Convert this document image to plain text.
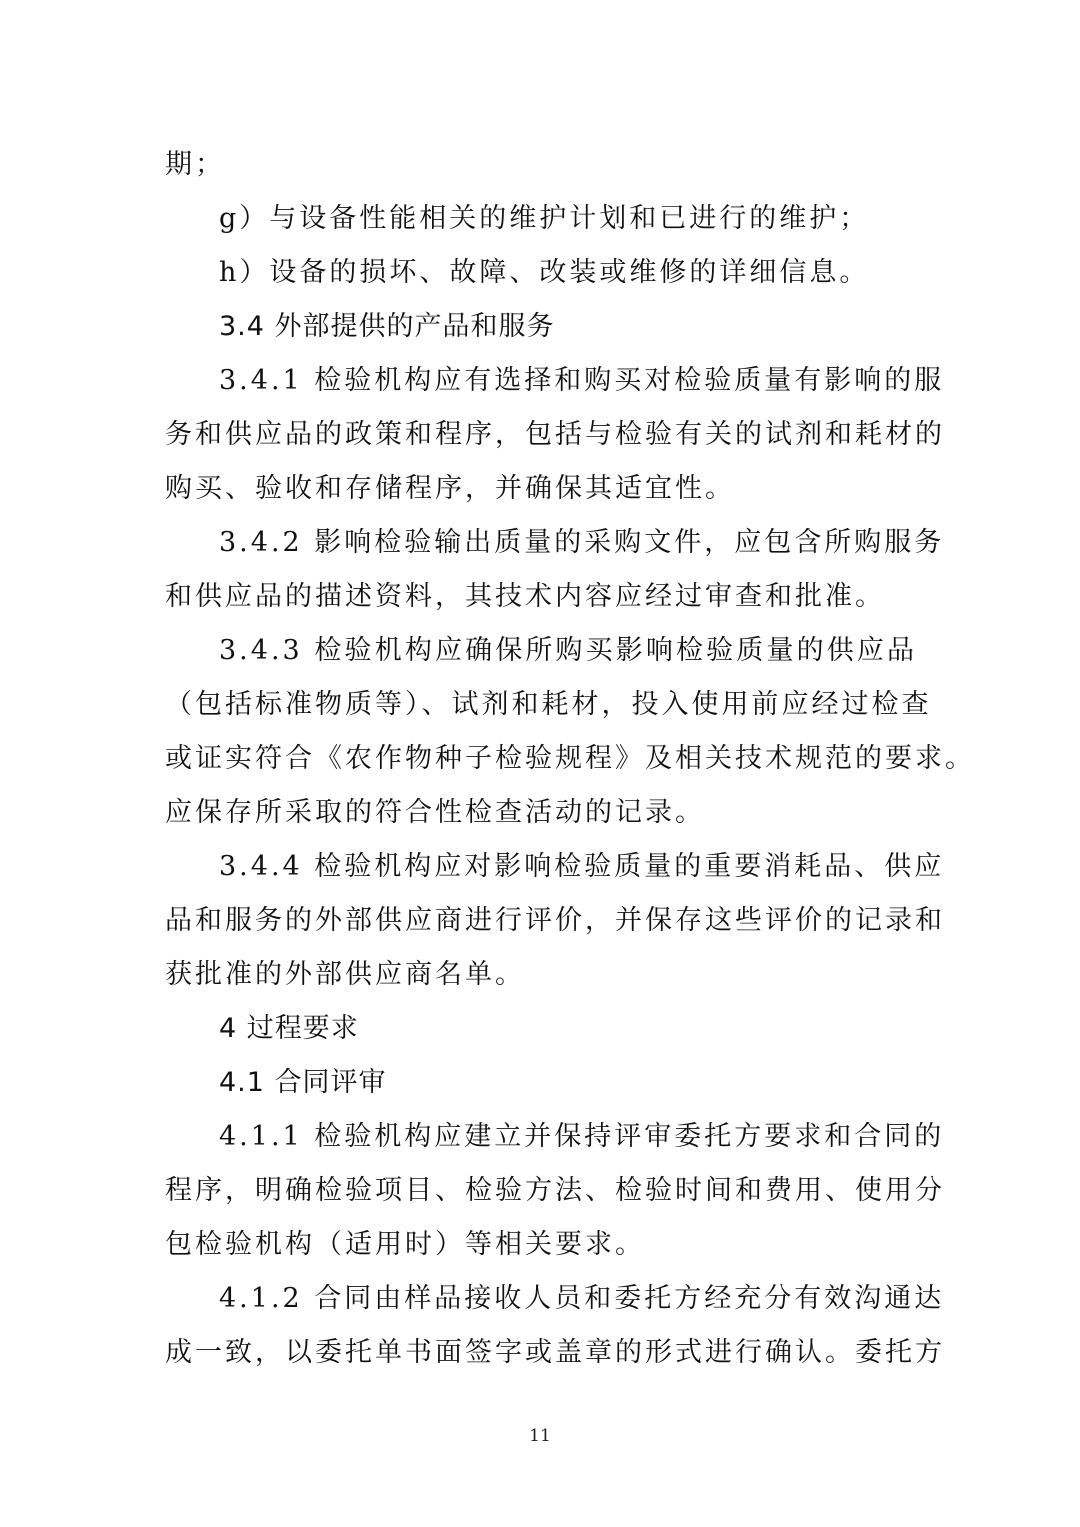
期；
g）与设备性能相关的维护计划和已进行的维护；
h）设备的损坏、故障、改装或维修的详细信息。
3.4 外部提供的产品和服务
3.4.1 检验机构应有选择和购买对检验质量有影响的服
务和供应品的政策和程序，包括与检验有关的试剂和耗材的
购买、验收和存储程序，并确保其适宜性。
3.4.2 影响检验输出质量的采购文件，应包含所购服务
和供应品的描述资料，其技术内容应经过审查和批准。
3.4.3 检验机构应确保所购买影响检验质量的供应品
（包括标准物质等）、试剂和耗材，投入使用前应经过检查
或证实符合《农作物种子检验规程》及相关技术规范的要求。
应保存所采取的符合性检查活动的记录。
3.4.4 检验机构应对影响检验质量的重要消耗品、供应
品和服务的外部供应商进行评价，并保存这些评价的记录和
获批准的外部供应商名单。
4 过程要求
4.1 合同评审
4.1.1 检验机构应建立并保持评审委托方要求和合同的
程序，明确检验项目、检验方法、检验时间和费用、使用分
包检验机构（适用时）等相关要求。
4.1.2 合同由样品接收人员和委托方经充分有效沟通达
成一致，以委托单书面签字或盖章的形式进行确认。委托方
11
